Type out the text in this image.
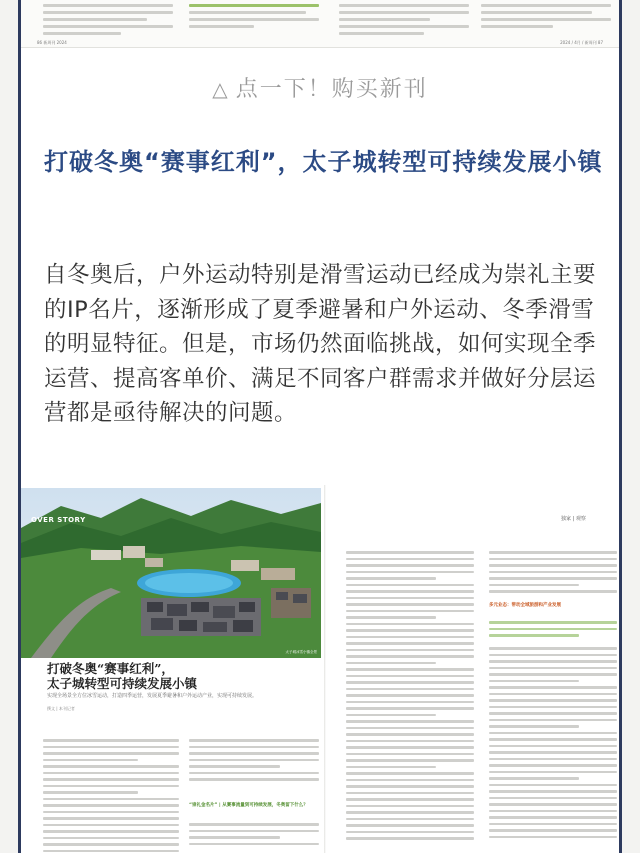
86 新周刊 2024	2024 / 4月 / 新周刊 87
△ 点一下！购买新刊
打破冬奥“赛事红利”，太子城转型可持续发展小镇
自冬奥后，户外运动特别是滑雪运动已经成为崇礼主要的IP名片，逐渐形成了夏季避暑和户外运动、冬季滑雪的明显特征。但是，市场仍然面临挑战，如何实现全季运营、提高客单价、满足不同客户群需求并做好分层运营都是亟待解决的问题。
OVER STORY
太子城冰雪小镇全景
打破冬奥“赛事红利”，
太子城转型可持续发展小镇
实现全场景全方位冰雪运动，打造四季运营，发展夏季避暑和户外运动产业，实现可持续发展。
撰文 | 本刊记者
独家 | 观察
“崇礼金名片” | 从赛事流量到可持续发展，冬奥留下什么？
多元业态：带动全域旅游和产业发展
